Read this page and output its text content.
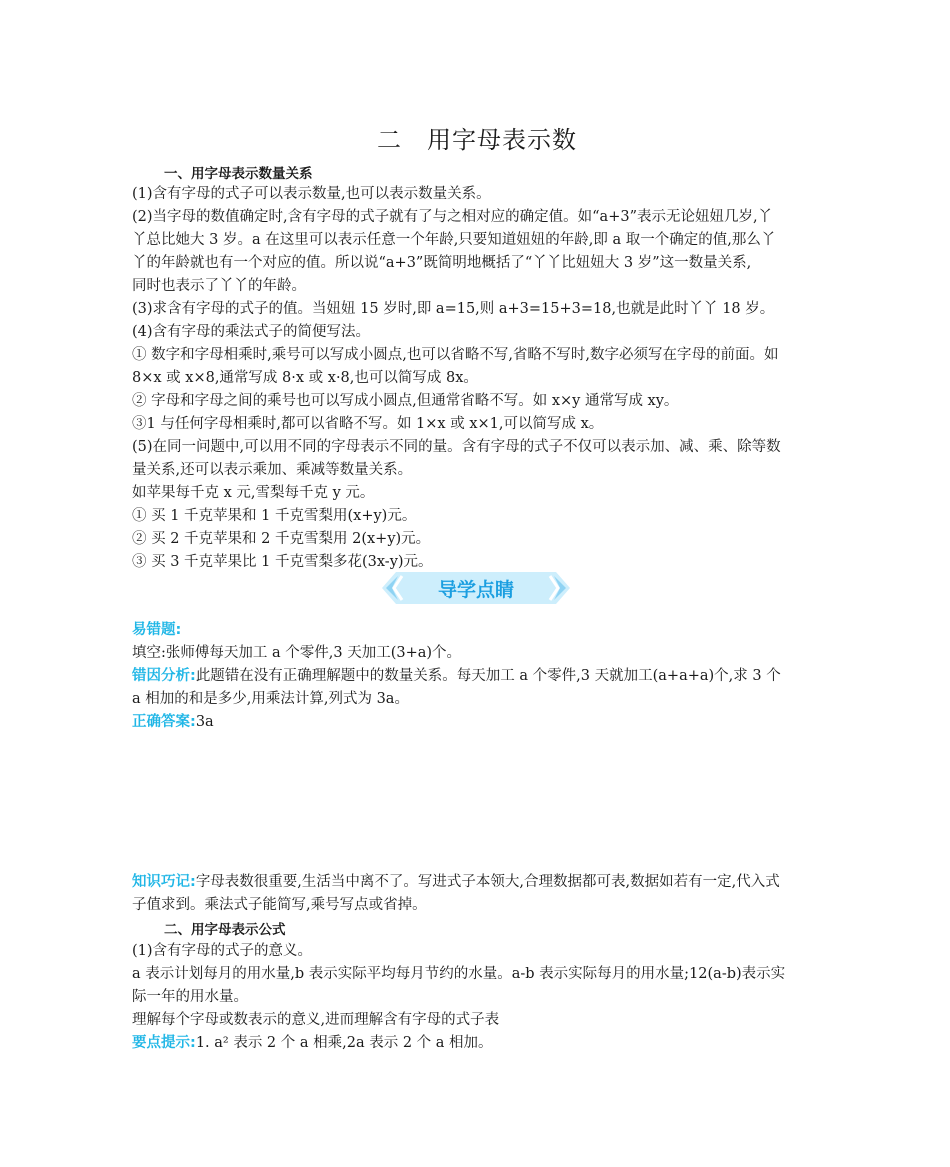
二　用字母表示数
一、用字母表示数量关系
(1)含有字母的式子可以表示数量,也可以表示数量关系。
(2)当字母的数值确定时,含有字母的式子就有了与之相对应的确定值。如“a+3”表示无论妞妞几岁,丫
丫总比她大 3 岁。a 在这里可以表示任意一个年龄,只要知道妞妞的年龄,即 a 取一个确定的值,那么丫
丫的年龄就也有一个对应的值。所以说“a+3”既简明地概括了“丫丫比妞妞大 3 岁”这一数量关系,
同时也表示了丫丫的年龄。
(3)求含有字母的式子的值。当妞妞 15 岁时,即 a=15,则 a+3=15+3=18,也就是此时丫丫 18 岁。
(4)含有字母的乘法式子的简便写法。
① 数字和字母相乘时,乘号可以写成小圆点,也可以省略不写,省略不写时,数字必须写在字母的前面。如
8×x 或 x×8,通常写成 8·x 或 x·8,也可以简写成 8x。
② 字母和字母之间的乘号也可以写成小圆点,但通常省略不写。如 x×y 通常写成 xy。
③1 与任何字母相乘时,都可以省略不写。如 1×x 或 x×1,可以简写成 x。
(5)在同一问题中,可以用不同的字母表示不同的量。含有字母的式子不仅可以表示加、减、乘、除等数
量关系,还可以表示乘加、乘减等数量关系。
如苹果每千克 x 元,雪梨每千克 y 元。
① 买 1 千克苹果和 1 千克雪梨用(x+y)元。
② 买 2 千克苹果和 2 千克雪梨用 2(x+y)元。
③ 买 3 千克苹果比 1 千克雪梨多花(3x-y)元。
导学点睛
易错题:
填空:张师傅每天加工 a 个零件,3 天加工(3+a)个。
错因分析:此题错在没有正确理解题中的数量关系。每天加工 a 个零件,3 天就加工(a+a+a)个,求 3 个
a 相加的和是多少,用乘法计算,列式为 3a。
正确答案:3a
知识巧记:字母表数很重要,生活当中离不了。写进式子本领大,合理数据都可表,数据如若有一定,代入式
子值求到。乘法式子能简写,乘号写点或省掉。
二、用字母表示公式
(1)含有字母的式子的意义。
a 表示计划每月的用水量,b 表示实际平均每月节约的水量。a-b 表示实际每月的用水量;12(a-b)表示实
际一年的用水量。
理解每个字母或数表示的意义,进而理解含有字母的式子表
要点提示:1. a² 表示 2 个 a 相乘,2a 表示 2 个 a 相加。
